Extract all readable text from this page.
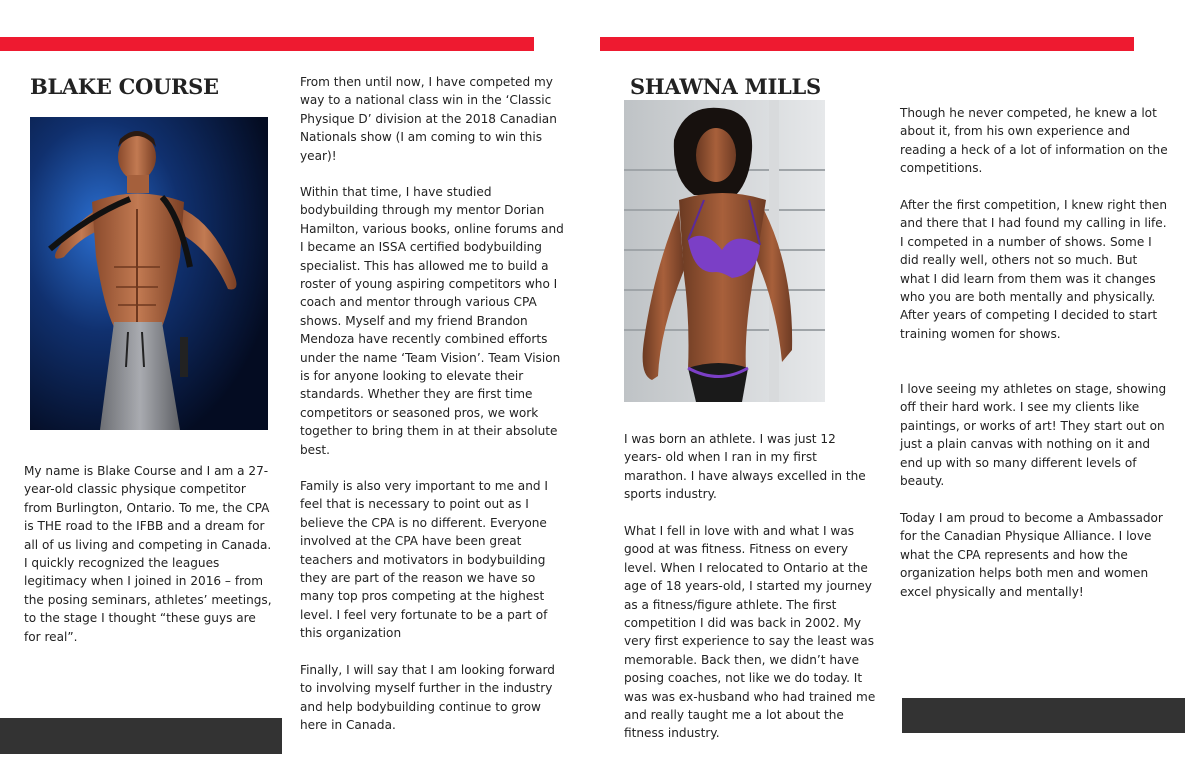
BLAKE COURSE

My name is Blake Course and I am a 27-year-old classic physique competitor from Burlington, Ontario. To me, the CPA is THE road to the IFBB and a dream for all of us living and competing in Canada. I quickly recognized the leagues legitimacy when I joined in 2016 – from the posing seminars, athletes’ meetings, to the stage I thought “these guys are for real”.

From then until now, I have competed my way to a national class win in the ‘Classic Physique D’ division at the 2018 Canadian Nationals show (I am coming to win this year)!

Within that time, I have studied bodybuilding through my mentor Dorian Hamilton, various books, online forums and I became an ISSA certified bodybuilding specialist. This has allowed me to build a roster of young aspiring competitors who I coach and mentor through various CPA shows. Myself and my friend Brandon Mendoza have recently combined efforts under the name ‘Team Vision’. Team Vision is for anyone looking to elevate their standards. Whether they are first time competitors or seasoned pros, we work together to bring them in at their absolute best.

Family is also very important to me and I feel that is necessary to point out as I believe the CPA is no different. Everyone involved at the CPA have been great teachers and motivators in bodybuilding they are part of the reason we have so many top pros competing at the highest level. I feel very fortunate to be a part of this organization

Finally, I will say that I am looking forward to involving myself further in the industry and help bodybuilding continue to grow here in Canada.

SHAWNA MILLS

I was born an athlete. I was just 12 years- old when I ran in my first marathon. I have always excelled in the sports industry.

What I fell in love with and what I was good at was fitness. Fitness on every level. When I relocated to Ontario at the age of 18 years-old, I started my journey as a fitness/figure athlete. The first competition I did was back in 2002. My very first experience to say the least was memorable. Back then, we didn’t have posing coaches, not like we do today. It was was ex-husband who had trained me and really taught me a lot about the fitness industry.

Though he never competed, he knew a lot about it, from his own experience and reading a heck of a lot of information on the competitions.

After the first competition, I knew right then and there that I had found my calling in life. I competed in a number of shows. Some I did really well, others not so much. But what I did learn from them was it changes who you are both mentally and physically. After years of competing I decided to start training women for shows.

I love seeing my athletes on stage, showing off their hard work. I see my clients like paintings, or works of art! They start out on just a plain canvas with nothing on it and end up with so many different levels of beauty.

Today I am proud to become a Ambassador for the Canadian Physique Alliance. I love what the CPA represents and how the organization helps both men and women excel physically and mentally!
